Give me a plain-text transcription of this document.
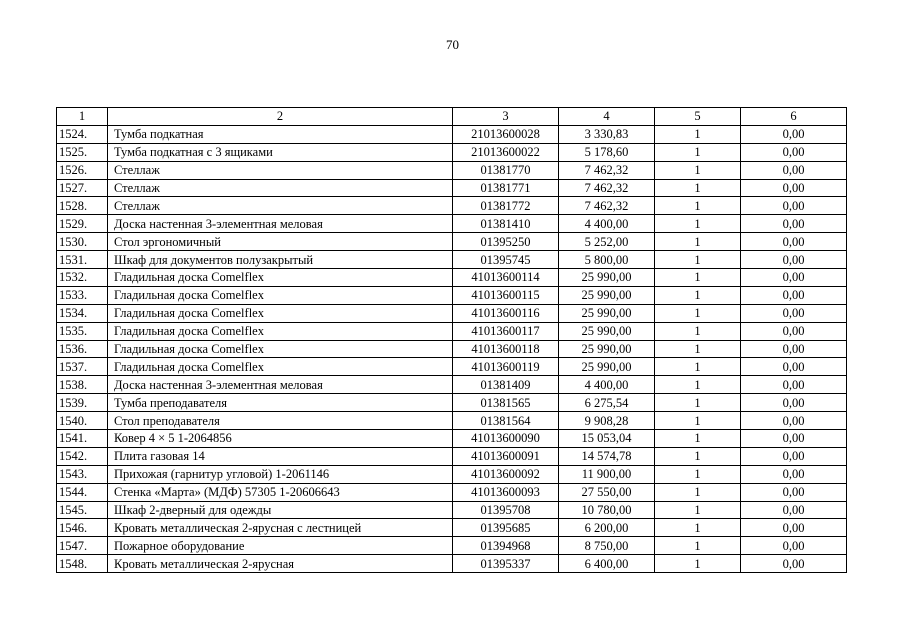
70
1	2	3	4	5	6
1524.	Тумба подкатная	21013600028	3 330,83	1	0,00
1525.	Тумба подкатная с 3 ящиками	21013600022	5 178,60	1	0,00
1526.	Стеллаж	01381770	7 462,32	1	0,00
1527.	Стеллаж	01381771	7 462,32	1	0,00
1528.	Стеллаж	01381772	7 462,32	1	0,00
1529.	Доска настенная 3-элементная меловая	01381410	4 400,00	1	0,00
1530.	Стол эргономичный	01395250	5 252,00	1	0,00
1531.	Шкаф для документов полузакрытый	01395745	5 800,00	1	0,00
1532.	Гладильная доска Comelflex	41013600114	25 990,00	1	0,00
1533.	Гладильная доска Comelflex	41013600115	25 990,00	1	0,00
1534.	Гладильная доска Comelflex	41013600116	25 990,00	1	0,00
1535.	Гладильная доска Comelflex	41013600117	25 990,00	1	0,00
1536.	Гладильная доска Comelflex	41013600118	25 990,00	1	0,00
1537.	Гладильная доска Comelflex	41013600119	25 990,00	1	0,00
1538.	Доска настенная 3-элементная меловая	01381409	4 400,00	1	0,00
1539.	Тумба преподавателя	01381565	6 275,54	1	0,00
1540.	Стол преподавателя	01381564	9 908,28	1	0,00
1541.	Ковер 4 × 5 1-2064856	41013600090	15 053,04	1	0,00
1542.	Плита газовая 14	41013600091	14 574,78	1	0,00
1543.	Прихожая (гарнитур угловой) 1-2061146	41013600092	11 900,00	1	0,00
1544.	Стенка «Марта» (МДФ) 57305 1-20606643	41013600093	27 550,00	1	0,00
1545.	Шкаф 2-дверный для одежды	01395708	10 780,00	1	0,00
1546.	Кровать металлическая 2-ярусная с лестницей	01395685	6 200,00	1	0,00
1547.	Пожарное оборудование	01394968	8 750,00	1	0,00
1548.	Кровать металлическая 2-ярусная	01395337	6 400,00	1	0,00
